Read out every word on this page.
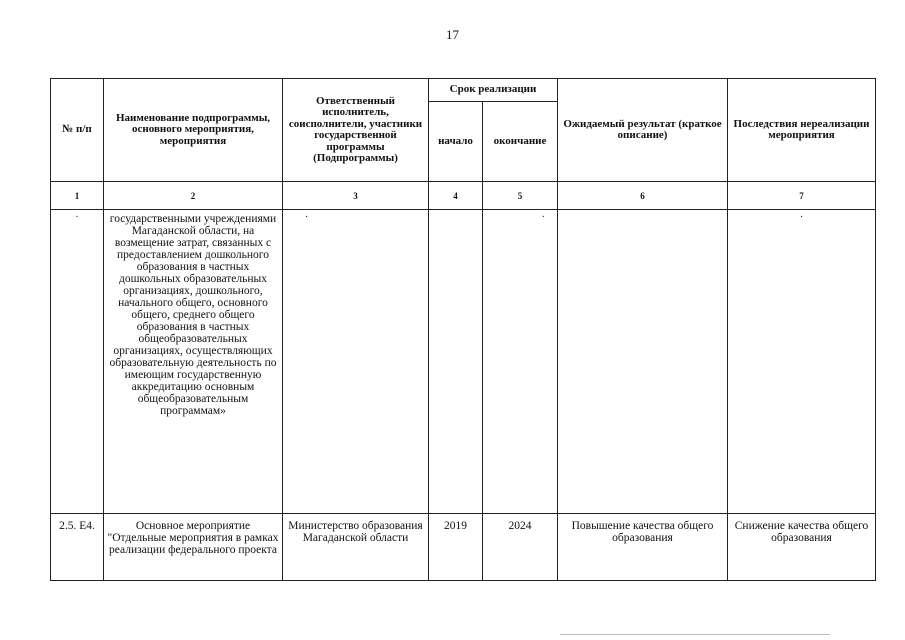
17
№ п/п	Наименование подпрограммы, основного мероприятия, мероприятия	Ответственный исполнитель, соисполнители, участники государственной программы (Подпрограммы)	Срок реализации		Ожидаемый результат (краткое описание)	Последствия нереализации мероприятия
			начало	окончание		
1	2	3	4	5	6	7

·	государственными учреждениями Магаданской области, на возмещение затрат, связанных с предоставлением дошкольного образования в частных дошкольных образовательных организациях, дошкольного, начального общего, основного общего, среднего общего образования в частных общеобразовательных организациях, осуществляющих образовательную деятельность по имеющим государственную аккредитацию основным общеобразовательным программам»	·		·		·

2.5. Е4.	Основное мероприятие "Отдельные мероприятия в рамках реализации федерального проекта	Министерство образования Магаданской области	2019	2024	Повышение качества общего образования	Снижение качества общего образования
